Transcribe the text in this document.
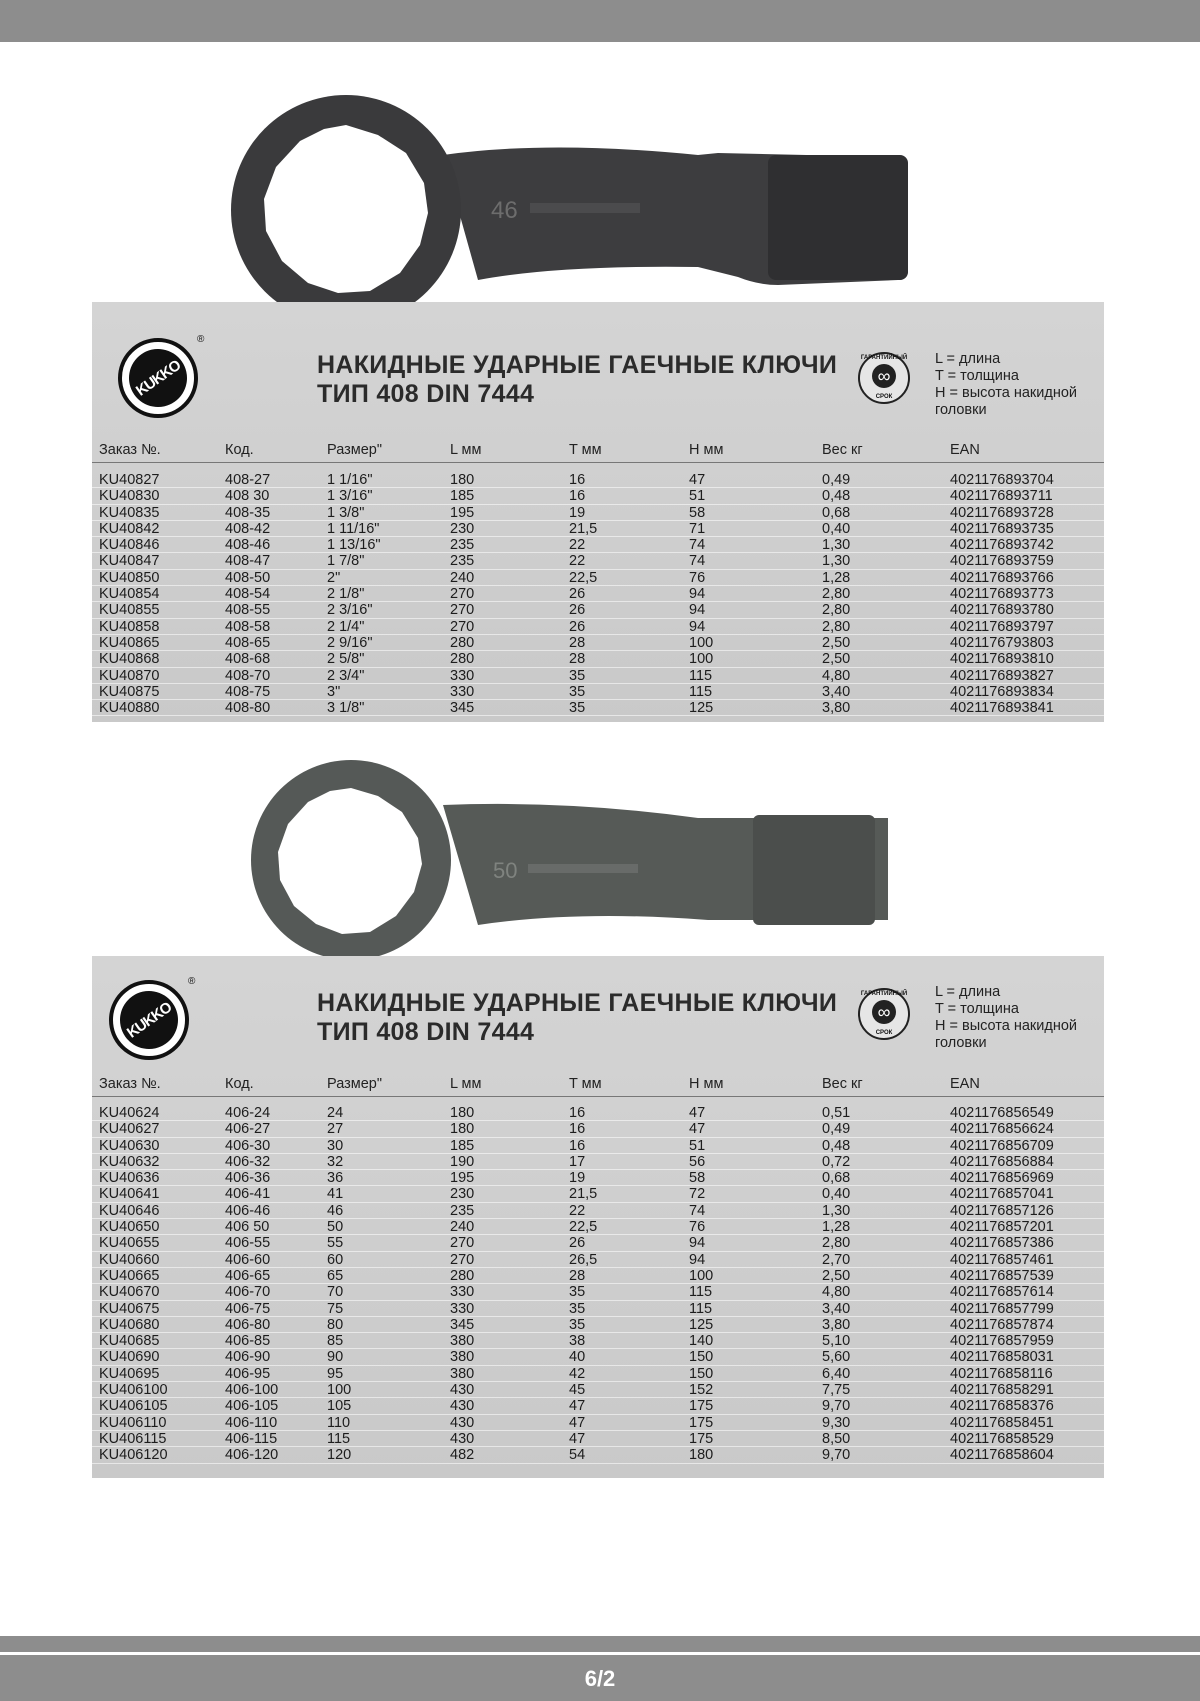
46
KUKKO
®
НАКИДНЫЕ УДАРНЫЕ ГАЕЧНЫЕ КЛЮЧИ
ТИП 408 DIN 7444
ГАРАНТИЙНЫЙ
∞
СРОК
L = длина
T = толщина
H = высота накидной
головки
Заказ №.	Код.	Размер"	L мм	T мм	H мм	Вес кг	EAN
KU40827	408-27	1 1/16"	180	16	47	0,49	4021176893704
KU40830	408 30	1 3/16"	185	16	51	0,48	4021176893711
KU40835	408-35	1 3/8"	195	19	58	0,68	4021176893728
KU40842	408-42	1 11/16"	230	21,5	71	0,40	4021176893735
KU40846	408-46	1 13/16"	235	22	74	1,30	4021176893742
KU40847	408-47	1 7/8"	235	22	74	1,30	4021176893759
KU40850	408-50	2"	240	22,5	76	1,28	4021176893766
KU40854	408-54	2 1/8"	270	26	94	2,80	4021176893773
KU40855	408-55	2 3/16"	270	26	94	2,80	4021176893780
KU40858	408-58	2 1/4"	270	26	94	2,80	4021176893797
KU40865	408-65	2 9/16"	280	28	100	2,50	4021176793803
KU40868	408-68	2 5/8"	280	28	100	2,50	4021176893810
KU40870	408-70	2 3/4"	330	35	115	4,80	4021176893827
KU40875	408-75	3"	330	35	115	3,40	4021176893834
KU40880	408-80	3 1/8"	345	35	125	3,80	4021176893841
50
KUKKO
®
НАКИДНЫЕ УДАРНЫЕ ГАЕЧНЫЕ КЛЮЧИ
ТИП 408 DIN 7444
ГАРАНТИЙНЫЙ
∞
СРОК
L = длина
T = толщина
H = высота накидной
головки
Заказ №.	Код.	Размер"	L мм	T мм	H мм	Вес кг	EAN
KU40624	406-24	24	180	16	47	0,51	4021176856549
KU40627	406-27	27	180	16	47	0,49	4021176856624
KU40630	406-30	30	185	16	51	0,48	4021176856709
KU40632	406-32	32	190	17	56	0,72	4021176856884
KU40636	406-36	36	195	19	58	0,68	4021176856969
KU40641	406-41	41	230	21,5	72	0,40	4021176857041
KU40646	406-46	46	235	22	74	1,30	4021176857126
KU40650	406 50	50	240	22,5	76	1,28	4021176857201
KU40655	406-55	55	270	26	94	2,80	4021176857386
KU40660	406-60	60	270	26,5	94	2,70	4021176857461
KU40665	406-65	65	280	28	100	2,50	4021176857539
KU40670	406-70	70	330	35	115	4,80	4021176857614
KU40675	406-75	75	330	35	115	3,40	4021176857799
KU40680	406-80	80	345	35	125	3,80	4021176857874
KU40685	406-85	85	380	38	140	5,10	4021176857959
KU40690	406-90	90	380	40	150	5,60	4021176858031
KU40695	406-95	95	380	42	150	6,40	4021176858116
KU406100	406-100	100	430	45	152	7,75	4021176858291
KU406105	406-105	105	430	47	175	9,70	4021176858376
KU406110	406-110	110	430	47	175	9,30	4021176858451
KU406115	406-115	115	430	47	175	8,50	4021176858529
KU406120	406-120	120	482	54	180	9,70	4021176858604
6/2
